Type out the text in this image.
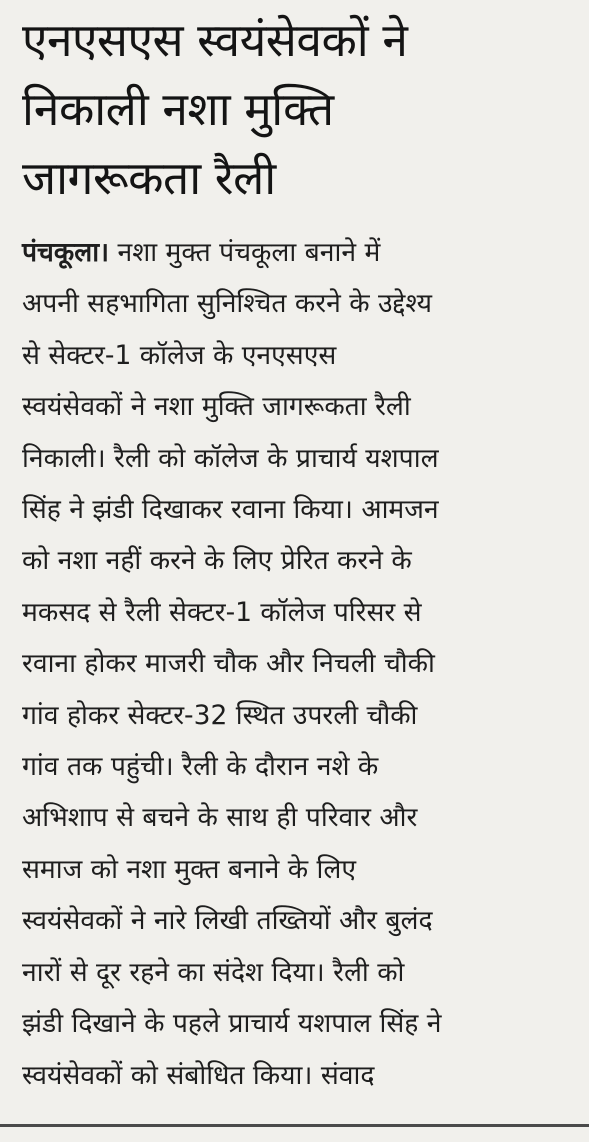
एनएसएस स्वयंसेवकों ने
निकाली नशा मुक्ति
जागरूकता रैली
पंचकूला। नशा मुक्त पंचकूला बनाने में
अपनी सहभागिता सुनिश्चित करने के उद्देश्य
से सेक्टर-1 कॉलेज के एनएसएस
स्वयंसेवकों ने नशा मुक्ति जागरूकता रैली
निकाली। रैली को कॉलेज के प्राचार्य यशपाल
सिंह ने झंडी दिखाकर रवाना किया। आमजन
को नशा नहीं करने के लिए प्रेरित करने के
मकसद से रैली सेक्टर-1 कॉलेज परिसर से
रवाना होकर माजरी चौक और निचली चौकी
गांव होकर सेक्टर-32 स्थित उपरली चौकी
गांव तक पहुंची। रैली के दौरान नशे के
अभिशाप से बचने के साथ ही परिवार और
समाज को नशा मुक्त बनाने के लिए
स्वयंसेवकों ने नारे लिखी तख्तियों और बुलंद
नारों से दूर रहने का संदेश दिया। रैली को
झंडी दिखाने के पहले प्राचार्य यशपाल सिंह ने
स्वयंसेवकों को संबोधित किया। संवाद
